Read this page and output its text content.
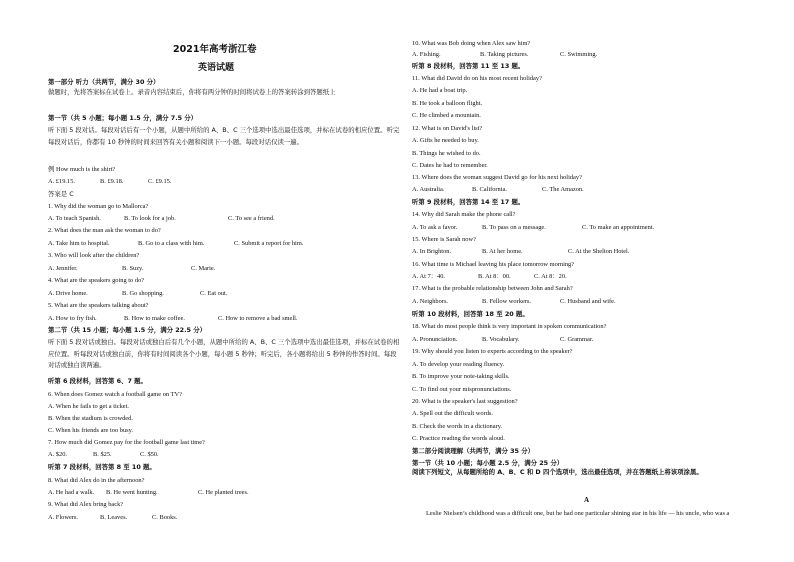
2021年高考浙江卷
英语试题
第一部分 听力（共两节，满分 30 分）
做题时，先将答案标在试卷上。录音内容结束后，你将有两分钟的时间将试卷上的答案转涂到答题纸上
第一节（共 5 小题；每小题 1.5 分，满分 7.5 分）
听下面 5 段对话。每段对话后有一个小题，从题中所给的 A、B、C 三个选项中选出最佳选项，并标在试卷的相应位置。听完每段对话后，你都有 10 秒钟的时间来回答有关小题和阅读下一小题。每段对话仅读一遍。
例 How much is the shirt?
A. £19.15.	B. £9.18.	C. £9.15.
答案是 C
1. Why did the woman go to Mallorca?
A. To teach Spanish.	B. To look for a job.	C. To see a friend.
2. What does the man ask the woman to do?
A. Take him to hospital.	B. Go to a class with him.	C. Submit a report for him.
3. Who will look after the children?
A. Jennifer.	B. Suzy.	C. Marie.
4. What are the speakers going to do?
A. Drive home.	B. Go shopping.	C. Eat out.
5. What are the speakers talking about?
A. How to fry fish.	B. How to make coffee.	C. How to remove a bad smell.
第二节（共 15 小题；每小题 1.5 分，满分 22.5 分）
听下面 5 段对话或独白。每段对话或独白后有几个小题，从题中所给的 A、B、C 三个选项中选出最佳选项，并标在试卷的相应位置。听每段对话或独白前，你将有时间阅读各个小题，每小题 5 秒钟；听完后，各小题将给出 5 秒钟的作答时间。每段对话或独白读两遍。
听第 6 段材料，回答第 6、7 题。
6. When does Gomez watch a football game on TV?
A. When he fails to get a ticket.
B. When the stadium is crowded.
C. When his friends are too busy.
7. How much did Gomez pay for the football game last time?
A. $20.	B. $25.	C. $50.
听第 7 段材料，回答第 8 至 10 题。
8. What did Alex do in the afternoon?
A. He had a walk. B. He went hunting.	C. He planted trees.
9. What did Alex bring back?
A. Flowers.	B. Leaves.	C. Books.
10. What was Bob doing when Alex saw him?
A. Fishing.	B. Taking pictures.	C. Swimming.
听第 8 段材料，回答第 11 至 13 题。
11. What did David do on his most recent holiday?
A. He had a boat trip.
B. He took a balloon flight.
C. He climbed a mountain.
12. What is on David's list?
A. Gifts he needed to buy.
B. Things he wished to do.
C. Dates he had to remember.
13. Where does the woman suggest David go for his next holiday?
A. Australia.	B. California.	C. The Amazon.
听第 9 段材料，回答第 14 至 17 题。
14. Why did Sarah make the phone call?
A. To ask a favor.	B. To pass on a message.	C. To make an appointment.
15. Where is Sarah now?
A. In Brighton.	B. At her home.	C. At the Shelton Hotel.
16. What time is Michael leaving his place tomorrow morning?
A. At 7：40.	B. At 8：00.	C. At 8：20.
17. What is the probable relationship between John and Sarah?
A. Neighbors.	B. Fellow workers.	C. Husband and wife.
听第 10 段材料，回答第 18 至 20 题。
18. What do most people think is very important in spoken communication?
A. Pronunciation.	B. Vocabulary.	C. Grammar.
19. Why should you listen to experts according to the speaker?
A. To develop your reading fluency.
B. To improve your note-taking skills.
C. To find out your mispronunciations.
20. What is the speaker's last suggestion?
A. Spell out the difficult words.
B. Check the words in a dictionary.
C. Practice reading the words aloud.
第二部分阅读理解（共两节，满分 35 分）
第一节（共 10 小题；每小题 2.5 分，满分 25 分）
阅读下列短文，从每题所给的 A、B、C 和 D 四个选项中，选出最佳选项，并在答题纸上将该项涂黑。
A
Leslie Nielsen’s childhood was a difficult one, but he had one particular shining star in his life — his uncle, who was a
